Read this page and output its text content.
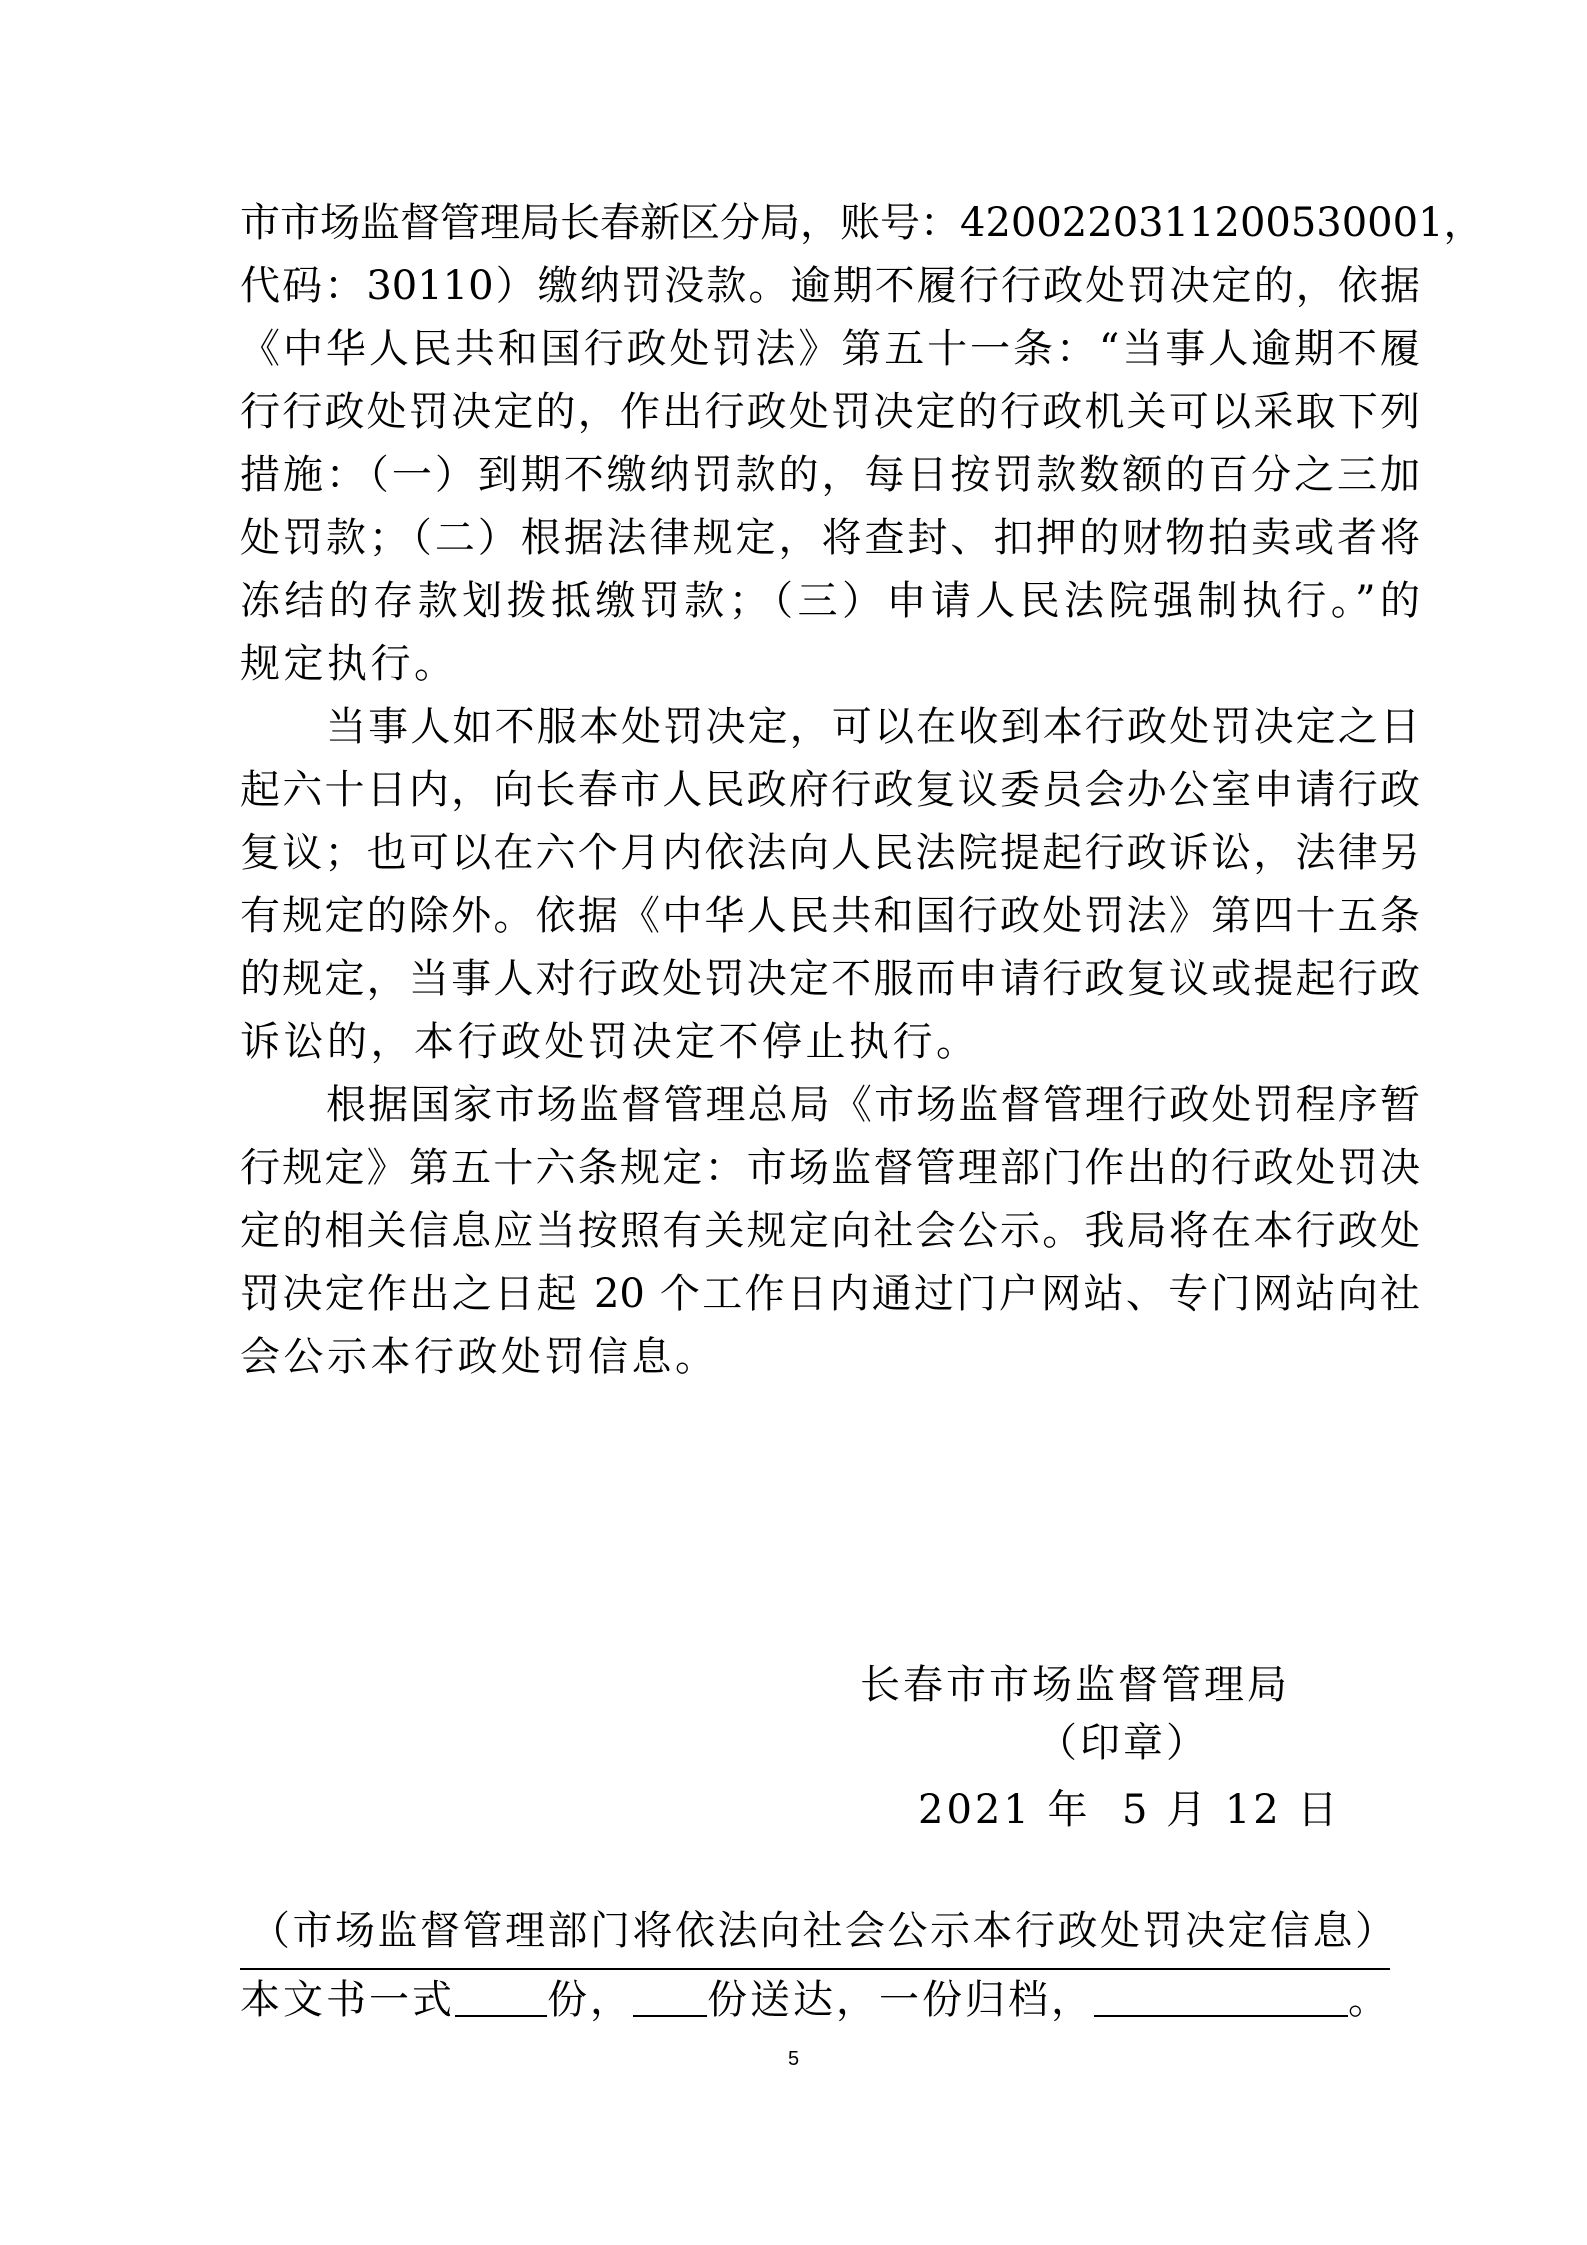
市市场监督管理局长春新区分局，账号：4200220311200530001，
代码：30110）缴纳罚没款。逾期不履行行政处罚决定的，依据
《中华人民共和国行政处罚法》第五十一条：“当事人逾期不履
行行政处罚决定的，作出行政处罚决定的行政机关可以采取下列
措施：（一）到期不缴纳罚款的，每日按罚款数额的百分之三加
处罚款；（二）根据法律规定，将查封、扣押的财物拍卖或者将
冻结的存款划拨抵缴罚款；（三）申请人民法院强制执行。”的
规定执行。
当事人如不服本处罚决定，可以在收到本行政处罚决定之日
起六十日内，向长春市人民政府行政复议委员会办公室申请行政
复议；也可以在六个月内依法向人民法院提起行政诉讼，法律另
有规定的除外。依据《中华人民共和国行政处罚法》第四十五条
的规定，当事人对行政处罚决定不服而申请行政复议或提起行政
诉讼的，本行政处罚决定不停止执行。
根据国家市场监督管理总局《市场监督管理行政处罚程序暂
行规定》第五十六条规定：市场监督管理部门作出的行政处罚决
定的相关信息应当按照有关规定向社会公示。我局将在本行政处
罚决定作出之日起 20 个工作日内通过门户网站、专门网站向社
会公示本行政处罚信息。
长春市市场监督管理局
（印章）
2021 年  5 月 12 日
（市场监督管理部门将依法向社会公示本行政处罚决定信息）
本文书一式 份， 份送达，一份归档，	。
5
